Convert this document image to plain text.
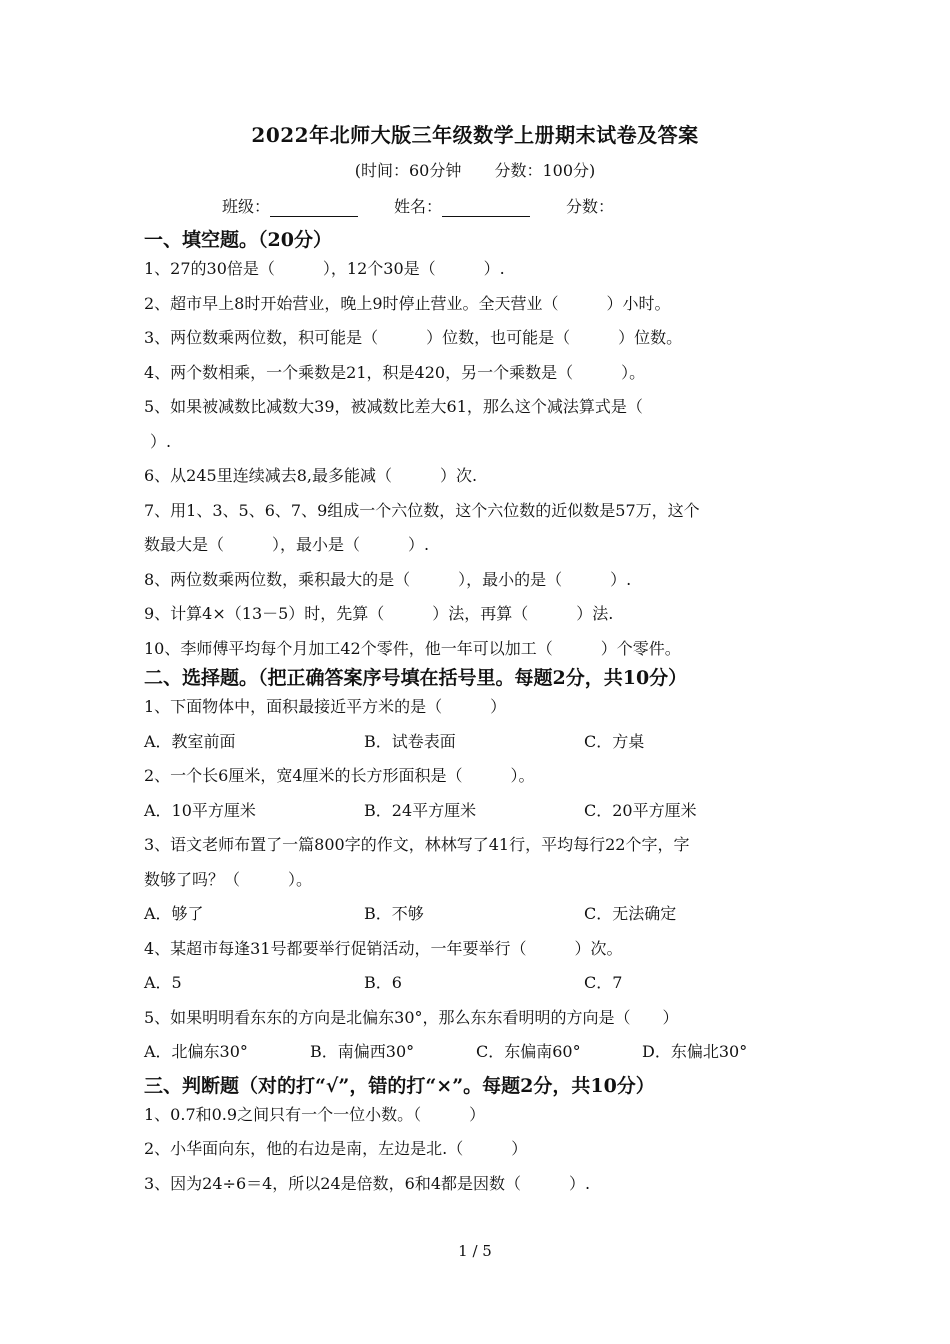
2022年北师大版三年级数学上册期末试卷及答案
(时间：60分钟 分数：100分)
班级：	姓名：	分数：
一、填空题。（20分）
1、27的30倍是（　　　），12个30是（　　　）.
2、超市早上8时开始营业，晚上9时停止营业。全天营业（　　　）小时。
3、两位数乘两位数，积可能是（　　　）位数，也可能是（　　　）位数。
4、两个数相乘，一个乘数是21，积是420，另一个乘数是（　　　）。
5、如果被减数比减数大39，被减数比差大61，那么这个减法算式是（
）.
6、从245里连续减去8,最多能减（　　　）次.
7、用1、3、5、6、7、9组成一个六位数，这个六位数的近似数是57万，这个
数最大是（　　　），最小是（　　　）.
8、两位数乘两位数，乘积最大的是（　　　），最小的是（　　　）.
9、计算4×（13－5）时，先算（　　　）法，再算（　　　）法.
10、李师傅平均每个月加工42个零件，他一年可以加工（　　　）个零件。
二、选择题。（把正确答案序号填在括号里。每题2分，共10分）
1、下面物体中，面积最接近平方米的是（　　　）
A．教室前面	B．试卷表面	C．方桌
2、一个长6厘米，宽4厘米的长方形面积是（　　　）。
A．10平方厘米	B．24平方厘米	C．20平方厘米
3、语文老师布置了一篇800字的作文，林林写了41行，平均每行22个字，字
数够了吗？（　　　）。
A．够了	B．不够	C．无法确定
4、某超市每逢31号都要举行促销活动，一年要举行（　　　）次。
A．5	B．6	C．7
5、如果明明看东东的方向是北偏东30°，那么东东看明明的方向是（　　）
A．北偏东30°	B．南偏西30°	C．东偏南60°	D．东偏北30°
三、判断题（对的打“√”，错的打“×”。每题2分，共10分）
1、0.7和0.9之间只有一个一位小数。（　　　）
2、小华面向东，他的右边是南，左边是北.（　　　）
3、因为24÷6＝4，所以24是倍数，6和4都是因数（　　　）.
1 / 5
